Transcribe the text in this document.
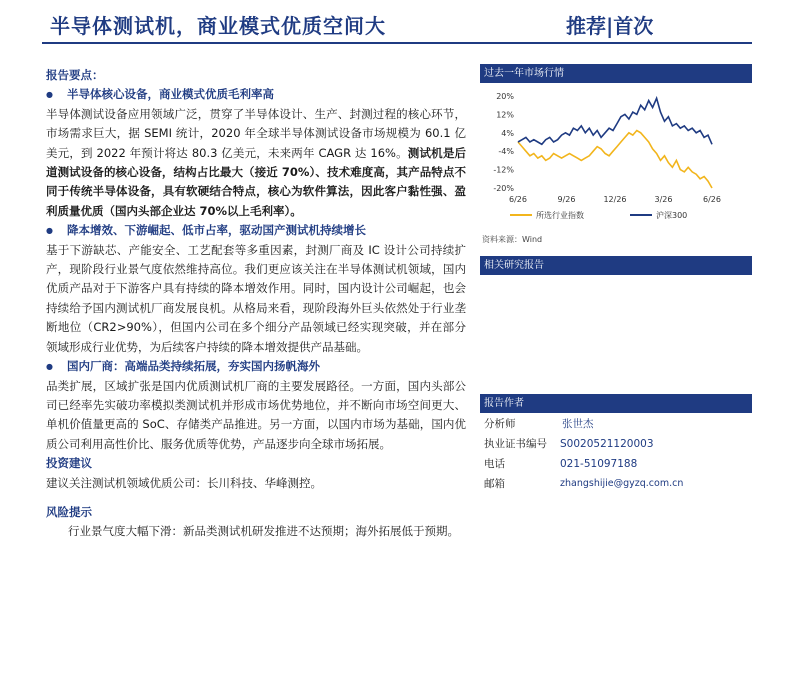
半导体测试机，商业模式优质空间大	推荐|首次
报告要点：
● 半导体核心设备，商业模式优质毛利率高
半导体测试设备应用领域广泛，贯穿了半导体设计、生产、封测过程的核心环节，市场需求巨大，据 SEMI 统计，2020 年全球半导体测试设备市场规模为 60.1 亿美元，到 2022 年预计将达 80.3 亿美元，未来两年 CAGR 达 16%。测试机是后道测试设备的核心设备，结构占比最大（接近 70%）、技术难度高，其产品特点不同于传统半导体设备，具有软硬结合特点，核心为软件算法，因此客户黏性强、盈利质量优质（国内头部企业达 70%以上毛利率）。
● 降本增效、下游崛起、低市占率，驱动国产测试机持续增长
基于下游缺芯、产能安全、工艺配套等多重因素，封测厂商及 IC 设计公司持续扩产，现阶段行业景气度依然维持高位。我们更应该关注在半导体测试机领域，国内优质产品对于下游客户具有持续的降本增效作用。同时，国内设计公司崛起，也会持续给予国内测试机厂商发展良机。从格局来看，现阶段海外巨头依然处于行业垄断地位（CR2>90%），但国内公司在多个细分产品领域已经实现突破，并在部分领域形成行业优势，为后续客户持续的降本增效提供产品基础。
● 国内厂商：高端品类持续拓展，夯实国内扬帆海外
品类扩展，区域扩张是国内优质测试机厂商的主要发展路径。一方面，国内头部公司已经率先实破功率模拟类测试机并形成市场优势地位，并不断向市场空间更大、单机价值量更高的 SoC、存储类产品推进。另一方面，以国内市场为基础，国内优质公司利用高性价比、服务优质等优势，产品逐步向全球市场拓展。
投资建议
建议关注测试机领域优质公司：长川科技、华峰测控。
风险提示
行业景气度大幅下滑：新品类测试机研发推进不达预期；海外拓展低于预期。
过去一年市场行情
20%
12%
4%
-4%
-12%
-20%
6/26	9/26	12/26	3/26	6/26
所选行业指数	沪深300
资料来源：Wind
相关研究报告
报告作者
分析师	张世杰
执业证书编号	S0020521120003
电话	021-51097188
邮箱	zhangshijie@gyzq.com.cn
